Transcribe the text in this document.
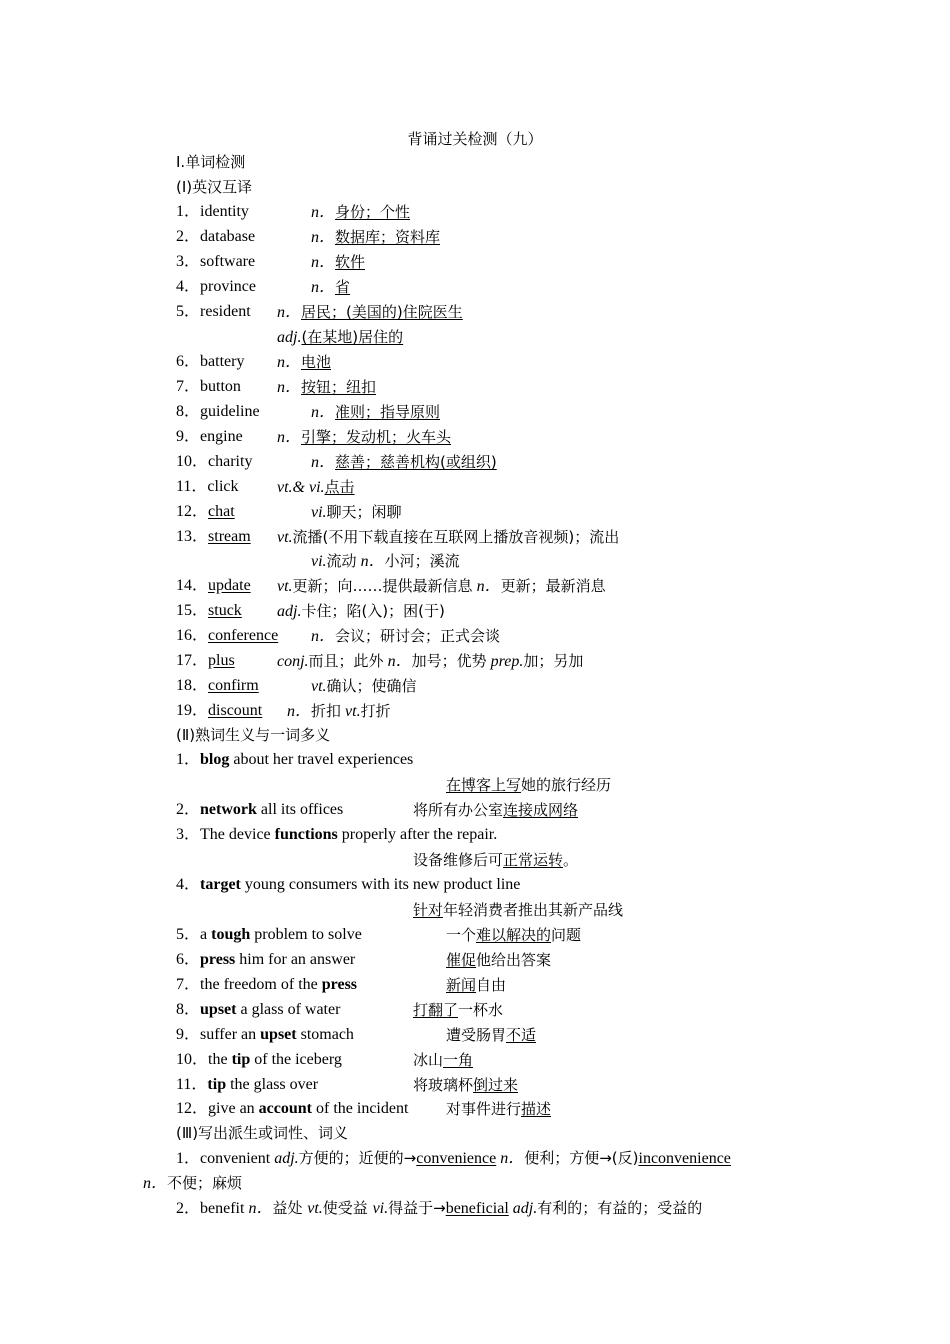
背诵过关检测（九）
Ⅰ.单词检测
(Ⅰ)英汉互译
1．identity	n．身份；个性
2．database	n．数据库；资料库
3．software	n．软件
4．province	n．省
5．resident n．居民；(美国的)住院医生
adj.(在某地)居住的
6．battery n．电池
7．button n．按钮；纽扣
8．guideline	n．准则；指导原则
9．engine n．引擎；发动机；火车头
10．charity	n．慈善；慈善机构(或组织)
11．click vt.& vi.点击
12．chat	vi.聊天；闲聊
13．stream vt.流播(不用下载直接在互联网上播放音视频)；流出
vi.流动 n．小河；溪流
14．update vt.更新；向……提供最新信息 n．更新；最新消息
15．stuck adj.卡住；陷(入)；困(于)
16．conference n．会议；研讨会；正式会谈
17．plus	conj.而且；此外 n．加号；优势 prep.加；另加
18．confirm	vt.确认；使确信
19．discount n．折扣 vt.打折
(Ⅱ)熟词生义与一词多义
1．blog about her travel experiences
在博客上写她的旅行经历
2．network all its offices	将所有办公室连接成网络
3．The device functions properly after the repair.
设备维修后可正常运转。
4．target young consumers with its new product line
针对年轻消费者推出其新产品线
5．a tough problem to solve	一个难以解决的问题
6．press him for an answer	催促他给出答案
7．the freedom of the press	新闻自由
8．upset a glass of water	打翻了一杯水
9．suffer an upset stomach	遭受肠胃不适
10．the tip of the iceberg	冰山一角
11．tip the glass over	将玻璃杯倒过来
12．give an account of the incident	对事件进行描述
(Ⅲ)写出派生或词性、词义
1．convenient adj.方便的；近便的→convenience n．便利；方便→(反)inconvenience
n．不便；麻烦
2．benefit n．益处 vt.使受益 vi.得益于→beneficial adj.有利的；有益的；受益的
